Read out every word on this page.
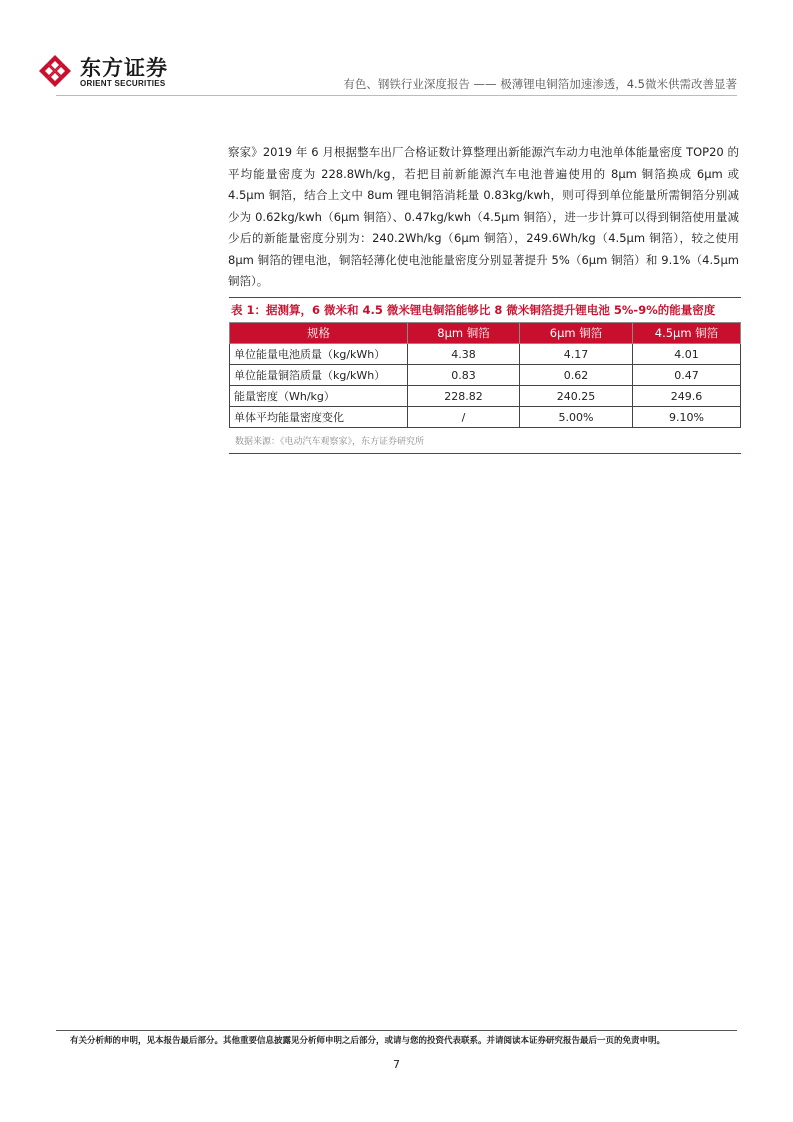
东方证券
ORIENT SECURITIES	有色、钢铁行业深度报告 —— 极薄锂电铜箔加速渗透，4.5微米供需改善显著

察家》2019 年 6 月根据整车出厂合格证数计算整理出新能源汽车动力电池单体能量密度 TOP20 的平均能量密度为 228.8Wh/kg，若把目前新能源汽车电池普遍使用的 8μm 铜箔换成 6μm 或 4.5μm 铜箔，结合上文中 8um 锂电铜箔消耗量 0.83kg/kwh，则可得到单位能量所需铜箔分别减少为 0.62kg/kwh（6μm 铜箔）、0.47kg/kwh（4.5μm 铜箔），进一步计算可以得到铜箔使用量减少后的新能量密度分别为：240.2Wh/kg（6μm 铜箔），249.6Wh/kg（4.5μm 铜箔），较之使用 8μm 铜箔的锂电池，铜箔轻薄化使电池能量密度分别显著提升 5%（6μm 铜箔）和 9.1%（4.5μm 铜箔）。

表 1：据测算，6 微米和 4.5 微米锂电铜箔能够比 8 微米铜箔提升锂电池 5%-9%的能量密度
规格	8μm 铜箔	6μm 铜箔	4.5μm 铜箔
单位能量电池质量（kg/kWh）	4.38	4.17	4.01
单位能量铜箔质量（kg/kWh）	0.83	0.62	0.47
能量密度（Wh/kg）	228.82	240.25	249.6
单体平均能量密度变化	/	5.00%	9.10%
数据来源：《电动汽车观察家》，东方证券研究所
有关分析师的申明，见本报告最后部分。其他重要信息披露见分析师申明之后部分，或请与您的投资代表联系。并请阅读本证券研究报告最后一页的免责申明。
7
